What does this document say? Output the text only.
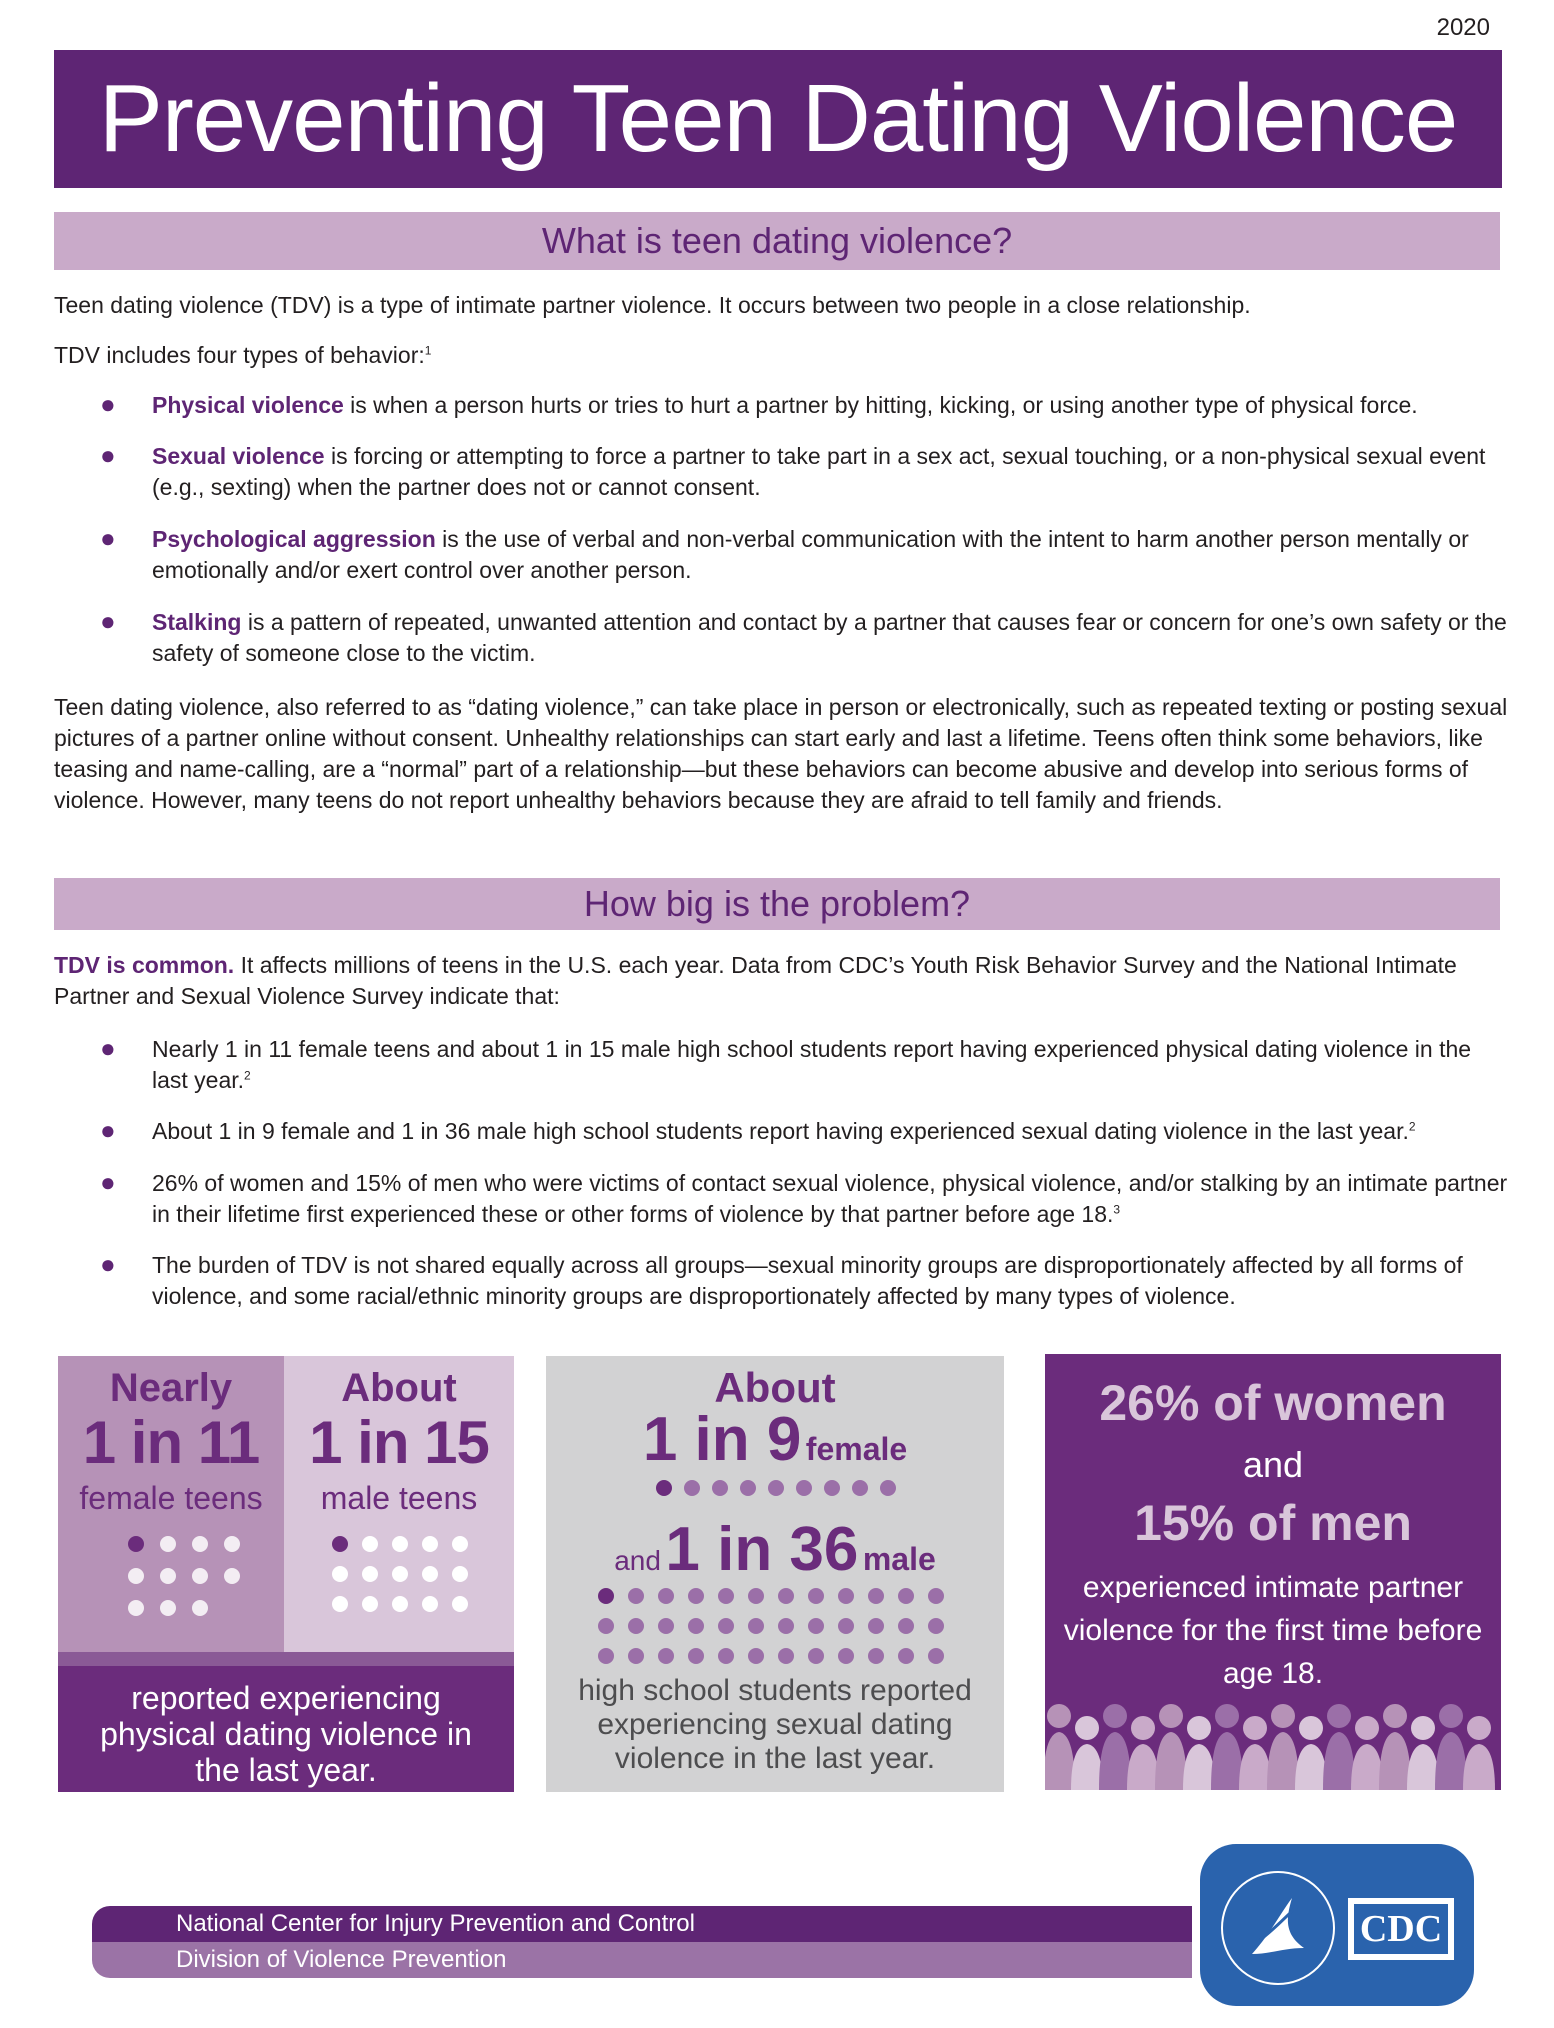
2020
Preventing Teen Dating Violence
What is teen dating violence?
Teen dating violence (TDV) is a type of intimate partner violence. It occurs between two people in a close relationship.
TDV includes four types of behavior:$^1$
● Physical violence is when a person hurts or tries to hurt a partner by hitting, kicking, or using another type of physical force.
● Sexual violence is forcing or attempting to force a partner to take part in a sex act, sexual touching, or a non-physical sexual event (e.g., sexting) when the partner does not or cannot consent.
● Psychological aggression is the use of verbal and non-verbal communication with the intent to harm another person mentally or emotionally and/or exert control over another person.
● Stalking is a pattern of repeated, unwanted attention and contact by a partner that causes fear or concern for one’s own safety or the safety of someone close to the victim.
Teen dating violence, also referred to as “dating violence,” can take place in person or electronically, such as repeated texting or posting sexual pictures of a partner online without consent. Unhealthy relationships can start early and last a lifetime. Teens often think some behaviors, like teasing and name-calling, are a “normal” part of a relationship—but these behaviors can become abusive and develop into serious forms of violence. However, many teens do not report unhealthy behaviors because they are afraid to tell family and friends.
How big is the problem?
TDV is common. It affects millions of teens in the U.S. each year. Data from CDC’s Youth Risk Behavior Survey and the National Intimate Partner and Sexual Violence Survey indicate that:
● Nearly 1 in 11 female teens and about 1 in 15 male high school students report having experienced physical dating violence in the last year.$^2$
● About 1 in 9 female and 1 in 36 male high school students report having experienced sexual dating violence in the last year.$^2$
● 26% of women and 15% of men who were victims of contact sexual violence, physical violence, and/or stalking by an intimate partner in their lifetime first experienced these or other forms of violence by that partner before age 18.$^3$
● The burden of TDV is not shared equally across all groups—sexual minority groups are disproportionately affected by all forms of violence, and some racial/ethnic minority groups are disproportionately affected by many types of violence.
Nearly
1 in 11
female teens
About
1 in 15
male teens
reported experiencing physical dating violence in the last year.
About
1 in 9 female
and 1 in 36 male
high school students reported experiencing sexual dating violence in the last year.
26% of women
and
15% of men
experienced intimate partner violence for the first time before age 18.
National Center for Injury Prevention and Control
Division of Violence Prevention
CDC
